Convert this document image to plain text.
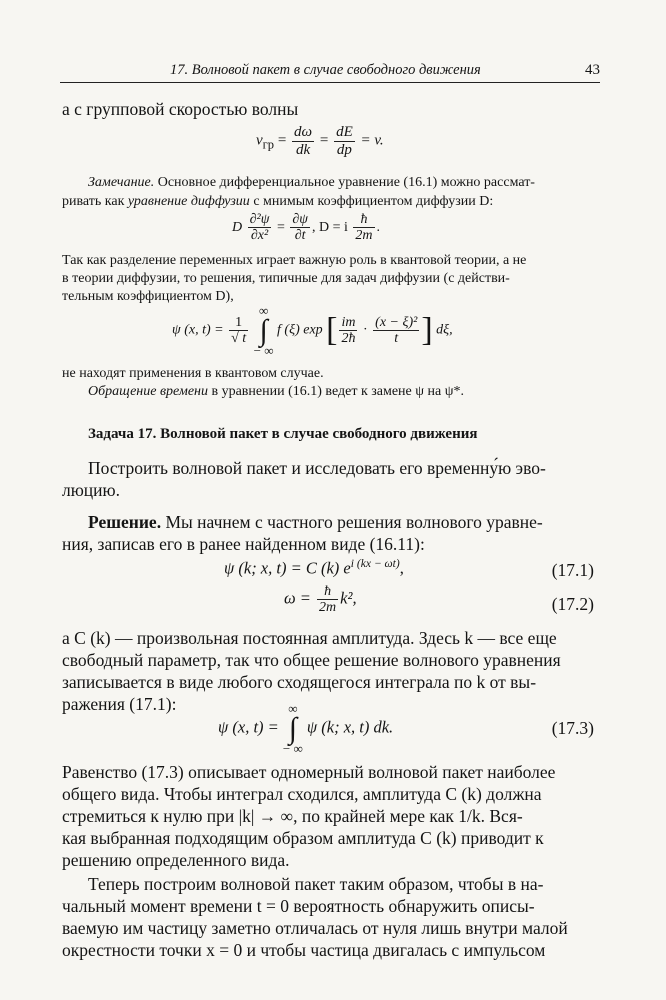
17. Волновой пакет в случае свободного движения	43
а с групповой скоростью волны
$v_{гр} = \frac{d\omega}{dk} = \frac{dE}{dp} = v$.
Замечание. Основное дифференциальное уравнение (16.1) можно рассмат-
ривать как уравнение диффузии с мнимым коэффициентом диффузии D:
D $\frac{\text{∂²ψ}}{\text{∂x²}} = \frac{\partial\psi}{\partial t}$ , D = i $\frac{ħ}{2m}$ .
Так как разделение переменных играет важную роль в квантовой теории, а не
в теории диффузии, то решения, типичные для задач диффузии (с действи-
тельным коэффициентом D),
ψ (x, $t) = \frac{1}{√ t}$
∞
∫
− ∞ f (ξ) exp [ $\frac{im}{2ħ} \cdot \frac{\text{(x − ξ)²}}{t}$ ] dξ,
не находят применения в квантовом случае.
Обращение времени в уравнении (16.1) ведет к замене ψ на ψ*.
Задача 17. Волновой пакет в случае свободного движения
Построить волновой пакет и исследовать его временну́ю эво-
люцию.
Решение. Мы начнем с частного решения волнового уравне-
ния, записав его в ранее найденном виде (16.11):
ψ (k; x, t) = C (k) $e^{i (kx - \omega t)}$,	(17.1)
$\omega = \frac{ħ}{2m} k^2$,	(17.2)
а C (k) — произвольная постоянная амплитуда. Здесь k — все еще
свободный параметр, так что общее решение волнового уравнения
записывается в виде любого сходящегося интеграла по k от вы-
ражения (17.1):
ψ (x, t) = ∞
∫
− ∞ ψ (k; x, t) dk.	(17.3)
Равенство (17.3) описывает одномерный волновой пакет наиболее
общего вида. Чтобы интеграл сходился, амплитуда C (k) должна
стремиться к нулю при |k| → ∞, по крайней мере как 1/k. Вся-
кая выбранная подходящим образом амплитуда C (k) приводит к
решению определенного вида.
Теперь построим волновой пакет таким образом, чтобы в на-
чальный момент времени t = 0 вероятность обнаружить описы-
ваемую им частицу заметно отличалась от нуля лишь внутри малой
окрестности точки x = 0 и чтобы частица двигалась с импульсом
